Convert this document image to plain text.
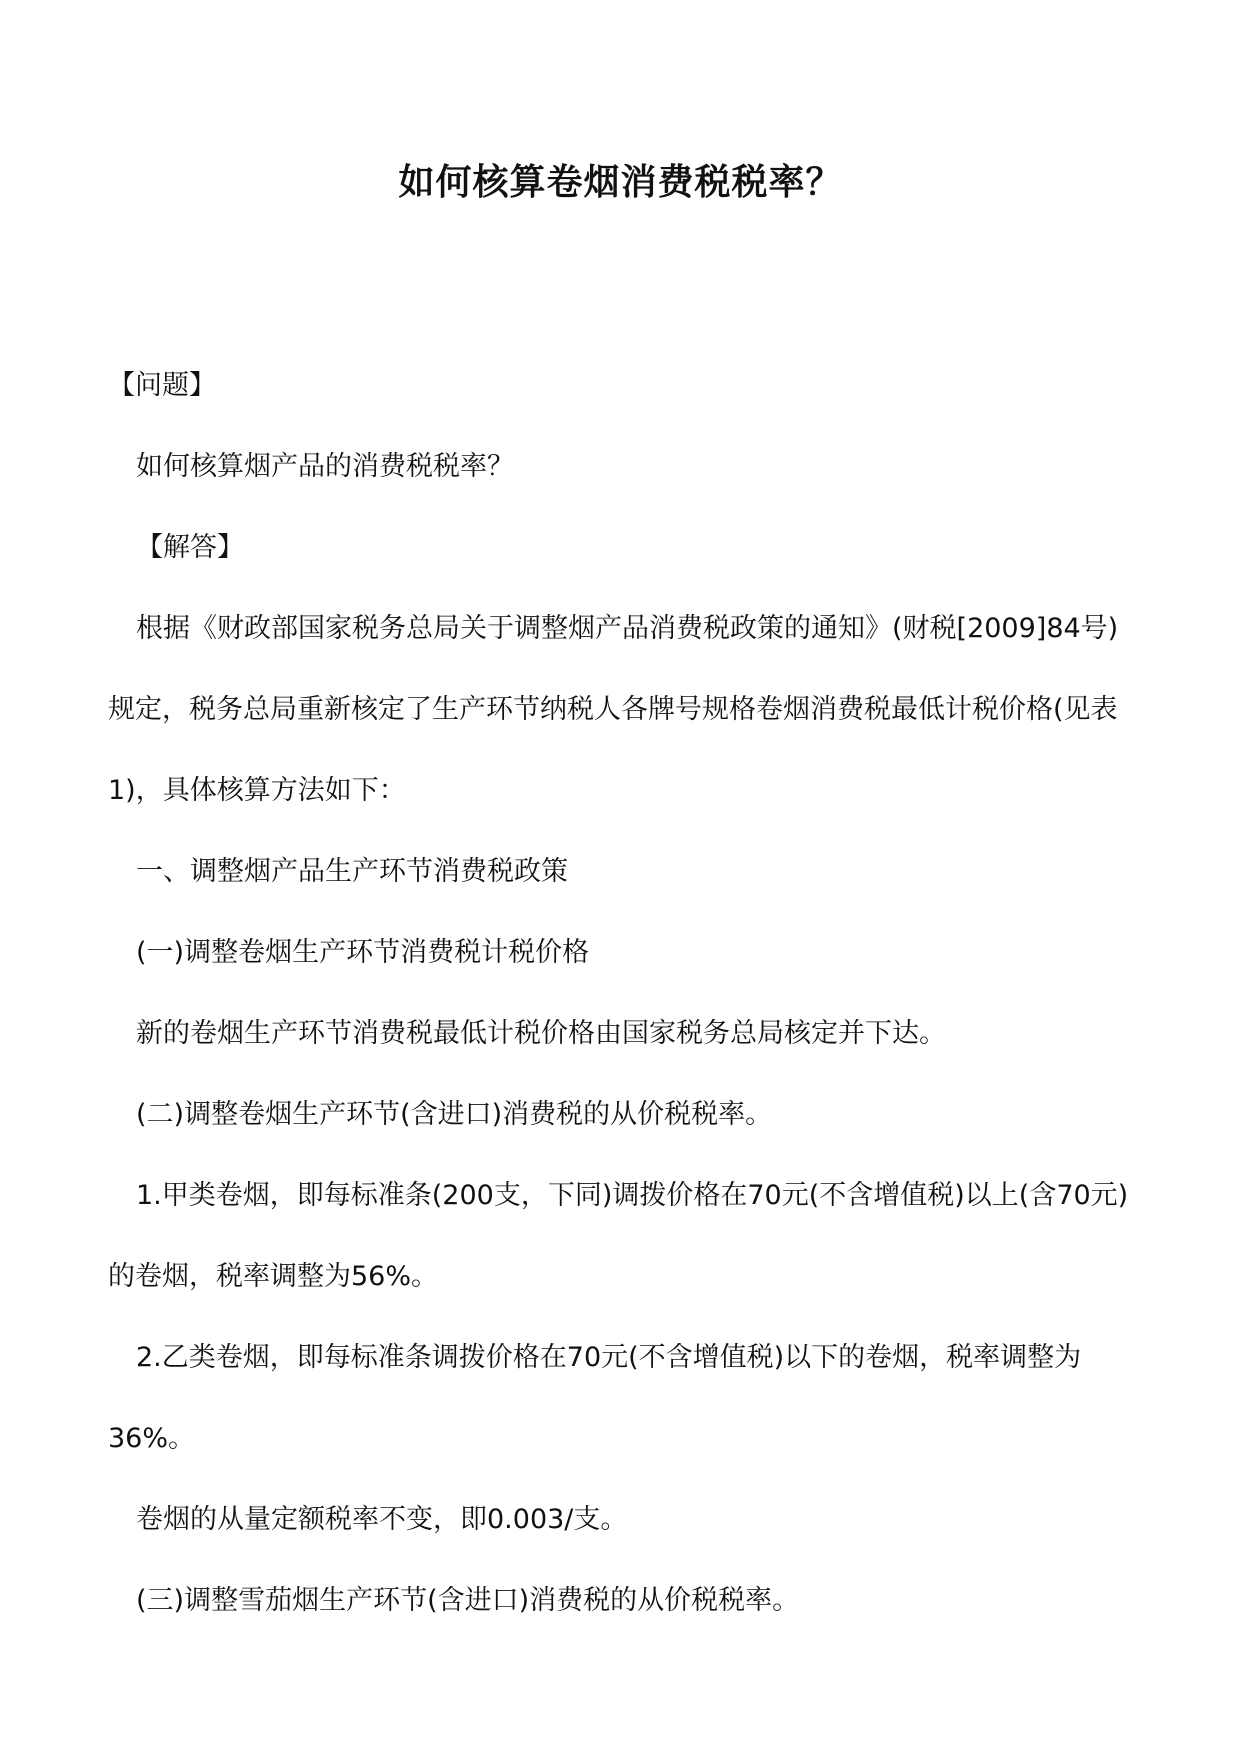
如何核算卷烟消费税税率？

【问题】

如何核算烟产品的消费税税率？

【解答】

根据《财政部国家税务总局关于调整烟产品消费税政策的通知》(财税[2009]84号)规定，税务总局重新核定了生产环节纳税人各牌号规格卷烟消费税最低计税价格(见表1)，具体核算方法如下：

一、调整烟产品生产环节消费税政策

(一)调整卷烟生产环节消费税计税价格

新的卷烟生产环节消费税最低计税价格由国家税务总局核定并下达。

(二)调整卷烟生产环节(含进口)消费税的从价税税率。

1.甲类卷烟，即每标准条(200支，下同)调拨价格在70元(不含增值税)以上(含70元)的卷烟，税率调整为56%。

2.乙类卷烟，即每标准条调拨价格在70元(不含增值税)以下的卷烟，税率调整为36%。

卷烟的从量定额税率不变，即0.003/支。

(三)调整雪茄烟生产环节(含进口)消费税的从价税税率。
